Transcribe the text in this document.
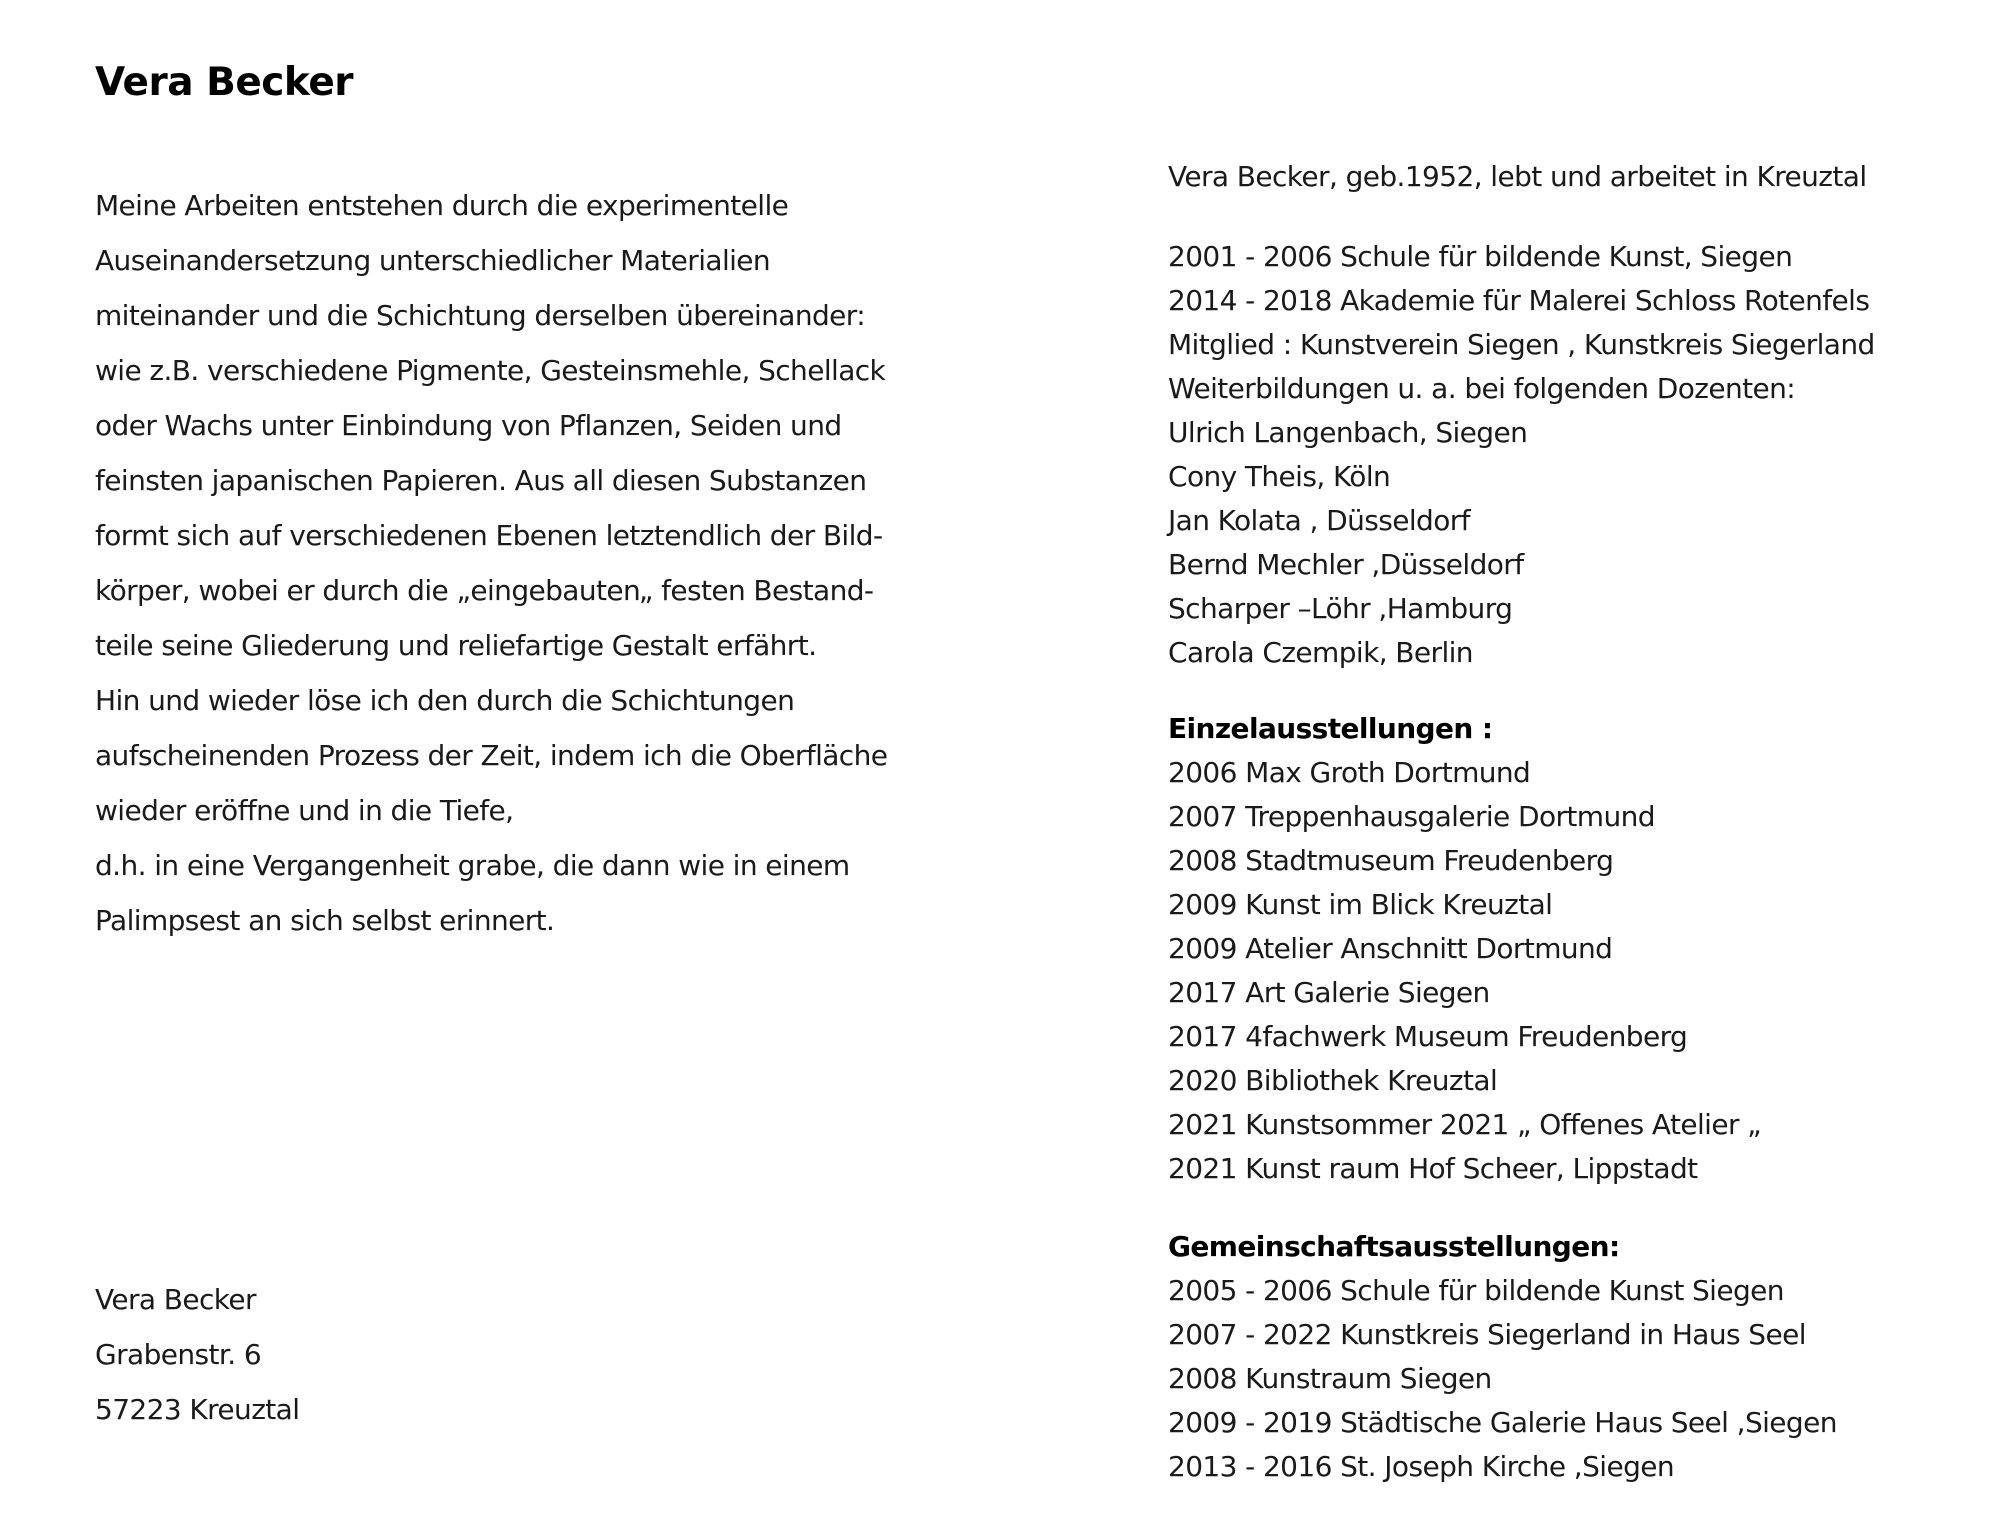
Vera Becker
Meine Arbeiten entstehen durch die experimentelle
Auseinandersetzung unterschiedlicher Materialien
miteinander und die Schichtung derselben übereinander:
wie z.B. verschiedene Pigmente, Gesteinsmehle, Schellack
oder Wachs unter Einbindung von Pflanzen, Seiden und
feinsten japanischen Papieren. Aus all diesen Substanzen
formt sich auf verschiedenen Ebenen letztendlich der Bild-
körper, wobei er durch die „eingebauten„ festen Bestand-
teile seine Gliederung und reliefartige Gestalt erfährt.
Hin und wieder löse ich den durch die Schichtungen
aufscheinenden Prozess der Zeit, indem ich die Oberfläche
wieder eröffne und in die Tiefe,
d.h. in eine Vergangenheit grabe, die dann wie in einem
Palimpsest an sich selbst erinnert.
Vera Becker
Grabenstr. 6
57223 Kreuztal
Vera Becker, geb.1952, lebt und arbeitet in Kreuztal
2001 - 2006 Schule für bildende Kunst, Siegen
2014 - 2018 Akademie für Malerei Schloss Rotenfels
Mitglied : Kunstverein Siegen , Kunstkreis Siegerland
Weiterbildungen u. a. bei folgenden Dozenten:
Ulrich Langenbach, Siegen
Cony Theis, Köln
Jan Kolata , Düsseldorf
Bernd Mechler ,Düsseldorf
Scharper –Löhr ,Hamburg
Carola Czempik, Berlin
Einzelausstellungen :
2006 Max Groth Dortmund
2007 Treppenhausgalerie Dortmund
2008 Stadtmuseum Freudenberg
2009 Kunst im Blick Kreuztal
2009 Atelier Anschnitt Dortmund
2017 Art Galerie Siegen
2017 4fachwerk Museum Freudenberg
2020 Bibliothek Kreuztal
2021 Kunstsommer 2021 „ Offenes Atelier „
2021 Kunst raum Hof Scheer, Lippstadt
Gemeinschaftsausstellungen:
2005 - 2006 Schule für bildende Kunst Siegen
2007 - 2022 Kunstkreis Siegerland in Haus Seel
2008 Kunstraum Siegen
2009 - 2019 Städtische Galerie Haus Seel ,Siegen
2013 - 2016 St. Joseph Kirche ,Siegen
